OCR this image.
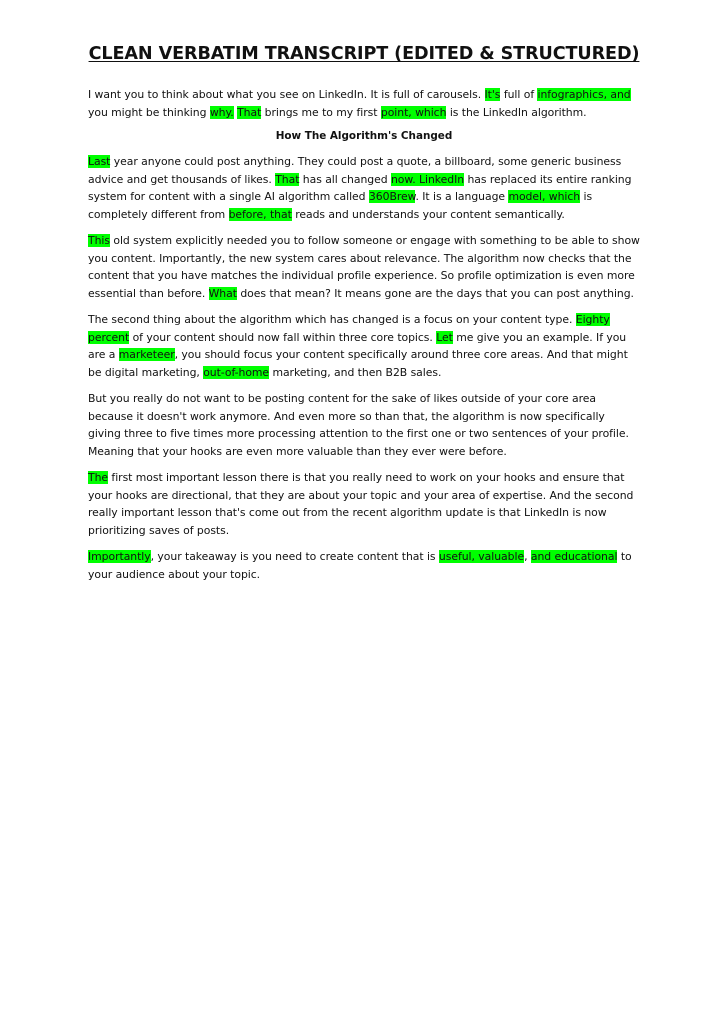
CLEAN VERBATIM TRANSCRIPT (EDITED & STRUCTURED)

I want you to think about what you see on LinkedIn. It is full of carousels. It's full of infographics, and you might be thinking why. That brings me to my first point, which is the LinkedIn algorithm.

How The Algorithm's Changed

Last year anyone could post anything. They could post a quote, a billboard, some generic business advice and get thousands of likes. That has all changed now. LinkedIn has replaced its entire ranking system for content with a single AI algorithm called 360Brew. It is a language model, which is completely different from before, that reads and understands your content semantically.

This old system explicitly needed you to follow someone or engage with something to be able to show you content. Importantly, the new system cares about relevance. The algorithm now checks that the content that you have matches the individual profile experience. So profile optimization is even more essential than before. What does that mean? It means gone are the days that you can post anything.

The second thing about the algorithm which has changed is a focus on your content type. Eighty percent of your content should now fall within three core topics. Let me give you an example. If you are a marketeer, you should focus your content specifically around three core areas. And that might be digital marketing, out-of-home marketing, and then B2B sales.

But you really do not want to be posting content for the sake of likes outside of your core area because it doesn't work anymore. And even more so than that, the algorithm is now specifically giving three to five times more processing attention to the first one or two sentences of your profile. Meaning that your hooks are even more valuable than they ever were before.

The first most important lesson there is that you really need to work on your hooks and ensure that your hooks are directional, that they are about your topic and your area of expertise. And the second really important lesson that's come out from the recent algorithm update is that LinkedIn is now prioritizing saves of posts.

Importantly, your takeaway is you need to create content that is useful, valuable, and educational to your audience about your topic.
